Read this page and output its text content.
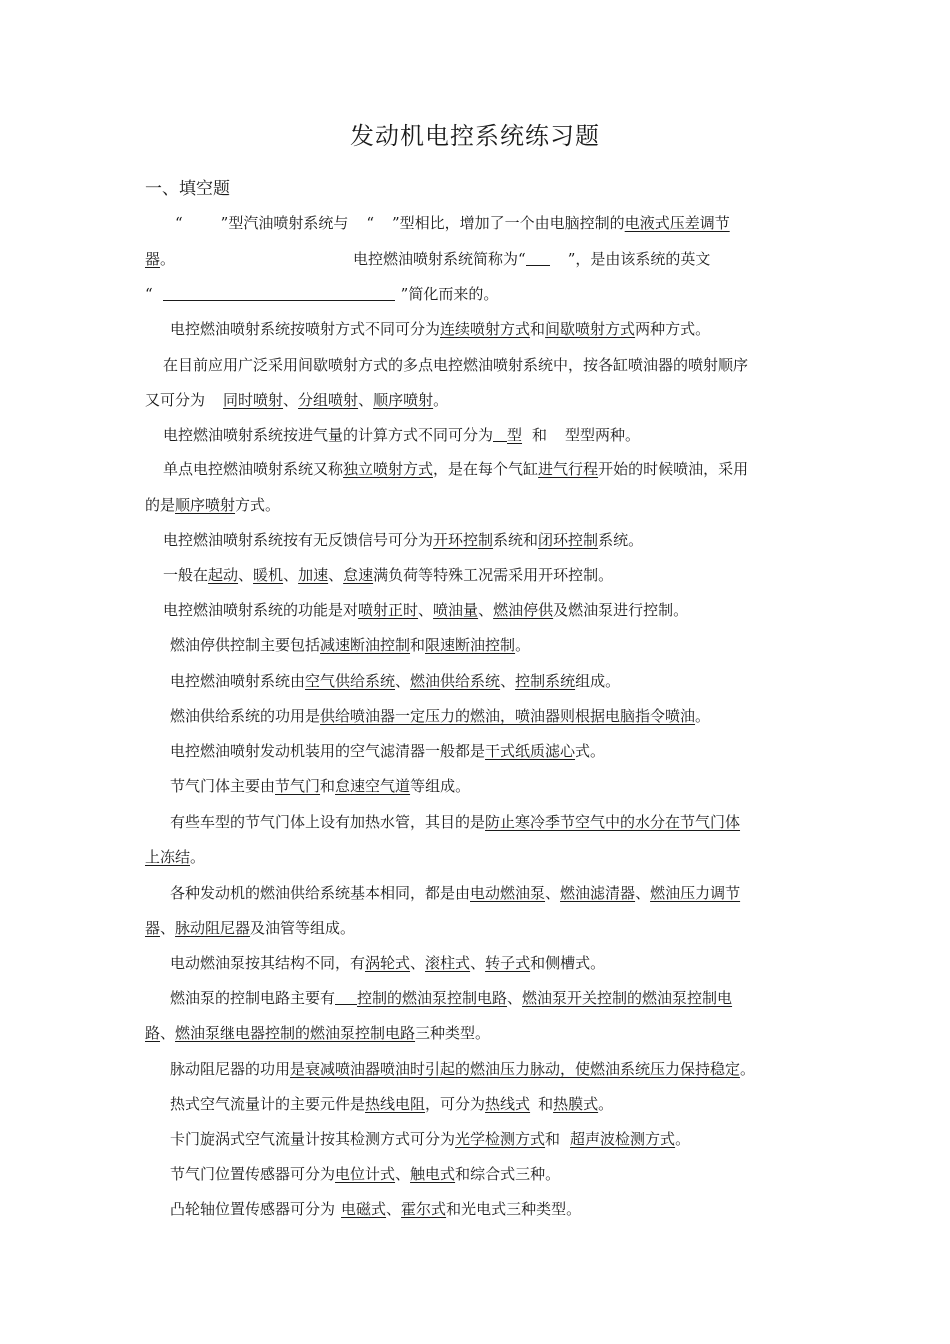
发动机电控系统练习题
一、填空题
“	”型汽油喷射系统与 “ ”型相比，增加了一个由电脑控制的电液式压差调节
器。	电控燃油喷射系统简称为“	”，是由该系统的英文
“	”简化而来的。
电控燃油喷射系统按喷射方式不同可分为连续喷射方式和间歇喷射方式两种方式。
在目前应用广泛采用间歇喷射方式的多点电控燃油喷射系统中，按各缸喷油器的喷射顺序
又可分为 同时喷射、分组喷射、顺序喷射。
电控燃油喷射系统按进气量的计算方式不同可分为 型 和 型型两种。
单点电控燃油喷射系统又称独立喷射方式，是在每个气缸进气行程开始的时候喷油，采用
的是顺序喷射方式。
电控燃油喷射系统按有无反馈信号可分为开环控制系统和闭环控制系统。
一般在起动、暖机、加速、怠速满负荷等特殊工况需采用开环控制。
电控燃油喷射系统的功能是对喷射正时、喷油量、燃油停供及燃油泵进行控制。
燃油停供控制主要包括减速断油控制和限速断油控制。
电控燃油喷射系统由空气供给系统、燃油供给系统、控制系统组成。
燃油供给系统的功用是供给喷油器一定压力的燃油，喷油器则根据电脑指令喷油。
电控燃油喷射发动机装用的空气滤清器一般都是干式纸质滤心式。
节气门体主要由节气门和怠速空气道等组成。
有些车型的节气门体上设有加热水管，其目的是防止寒冷季节空气中的水分在节气门体
上冻结。
各种发动机的燃油供给系统基本相同，都是由电动燃油泵、燃油滤清器、燃油压力调节
器、脉动阻尼器及油管等组成。
电动燃油泵按其结构不同，有涡轮式、滚柱式、转子式和侧槽式。
燃油泵的控制电路主要有 控制的燃油泵控制电路、燃油泵开关控制的燃油泵控制电
路、燃油泵继电器控制的燃油泵控制电路三种类型。
脉动阻尼器的功用是衰减喷油器喷油时引起的燃油压力脉动，使燃油系统压力保持稳定。
热式空气流量计的主要元件是热线电阻，可分为热线式 和热膜式。
卡门旋涡式空气流量计按其检测方式可分为光学检测方式和 超声波检测方式。
节气门位置传感器可分为电位计式、触电式和综合式三种。
凸轮轴位置传感器可分为 电磁式、霍尔式和光电式三种类型。
